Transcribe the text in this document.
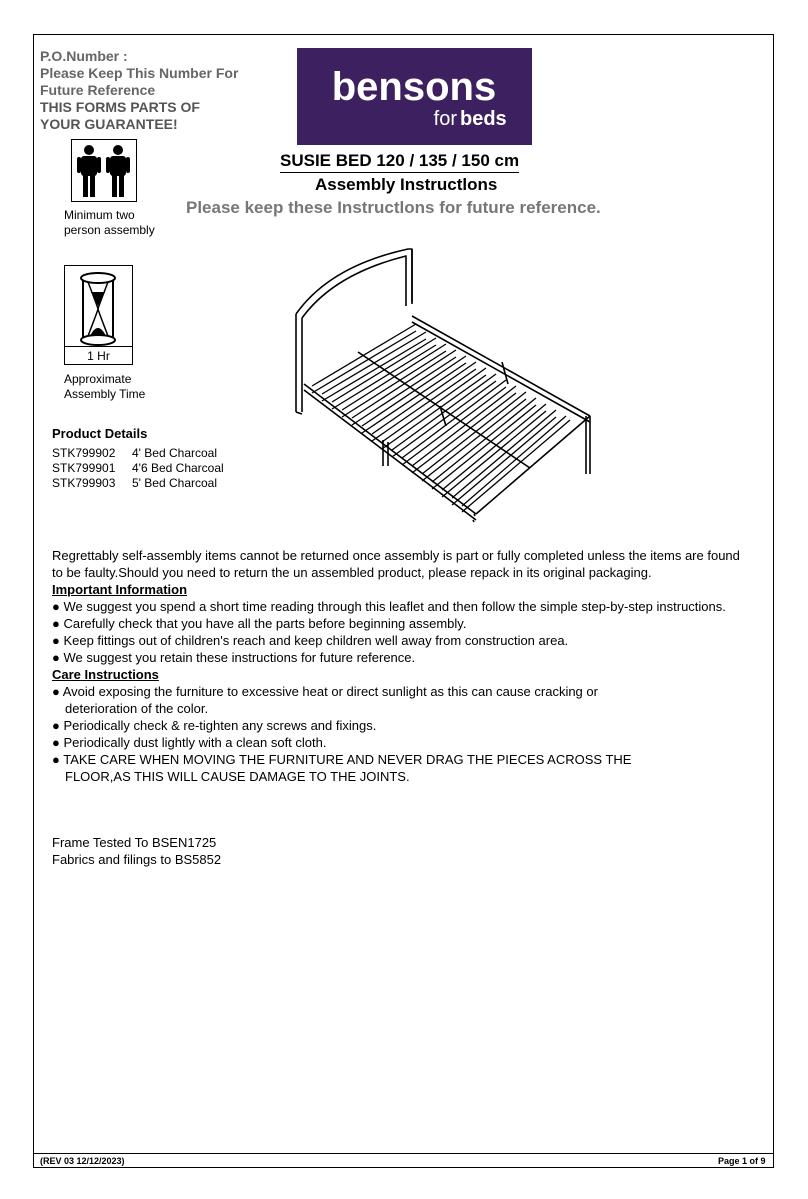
P.O.Number :
Please Keep This Number For
Future Reference
THIS FORMS PARTS OF
YOUR GUARANTEE!
bensons
for beds
SUSIE BED 120 / 135 / 150 cm
Assembly Instructlons
Please keep these Instructlons for future reference.
Minimum two
person assembly
1 Hr
Approximate
Assembly Time
Product Details
STK799902 4' Bed Charcoal
STK799901 4'6 Bed Charcoal
STK799903 5' Bed Charcoal

Regrettably self-assembly items cannot be returned once assembly is part or fully completed unless the items are found to be faulty.Should you need to return the un assembled product, please repack in its original packaging.

Important Information

● We suggest you spend a short time reading through this leaflet and then follow the simple step-by-step instructions.

● Carefully check that you have all the parts before beginning assembly.

● Keep fittings out of children's reach and keep children well away from construction area.

● We suggest you retain these instructions for future reference.

Care Instructions

● Avoid exposing the furniture to excessive heat or direct sunlight as this can cause cracking or deterioration of the color.

● Periodically check & re-tighten any screws and fixings.

● Periodically dust lightly with a clean soft cloth.

● TAKE CARE WHEN MOVING THE FURNITURE AND NEVER DRAG THE PIECES ACROSS THE FLOOR,AS THIS WILL CAUSE DAMAGE TO THE JOINTS.

Frame Tested To BSEN1725
Fabrics and filings to BS5852
(REV 03 12/12/2023)	Page 1 of 9
